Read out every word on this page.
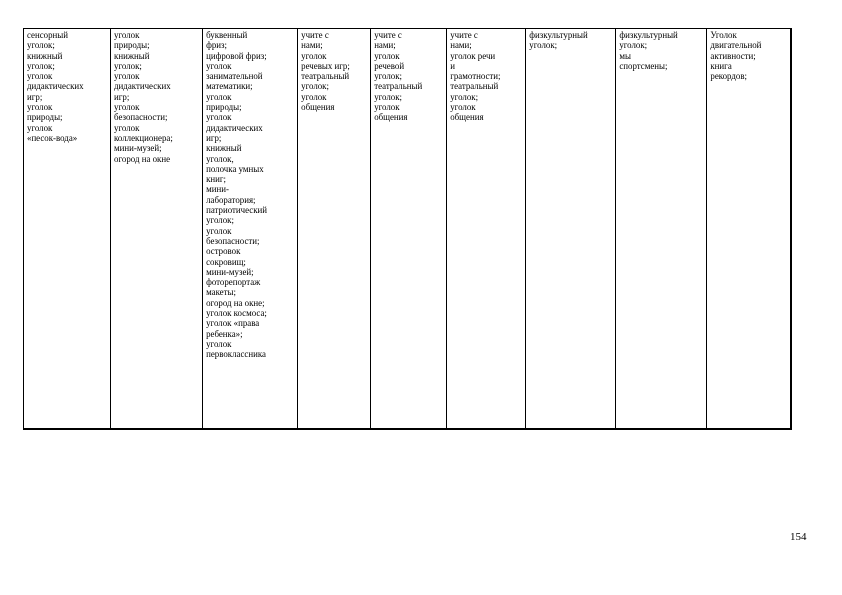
сенсорный
уголок;
книжный
уголок;
уголок
дидактических
игр;
уголок
природы;
уголок
«песок-вода»

уголок
природы;
книжный
уголок;
уголок
дидактических
игр;
уголок
безопасности;
уголок
коллекционера;
мини-музей;
огород на окне

буквенный
фриз;
цифровой фриз;
уголок
занимательной
математики;
уголок
природы;
уголок
дидактических
игр;
книжный
уголок,
полочка умных
книг;
мини-
лаборатория;
патриотический
уголок;
уголок
безопасности;
островок
сокровищ;
мини-музей;
фоторепортаж
макеты;
огород на окне;
уголок космоса;
уголок «права
ребенка»;
уголок
первоклассника

учите с
нами;
уголок
речевых игр;
театральный
уголок;
уголок
общения

учите с
нами;
уголок
речевой
уголок;
театральный
уголок;
уголок
общения

учите с
нами;
уголок речи
и
грамотности;
театральный
уголок;
уголок
общения

физкультурный
уголок;

физкультурный
уголок;
мы
спортсмены;

Уголок
двигательной
активности;
книга
рекордов;
154
